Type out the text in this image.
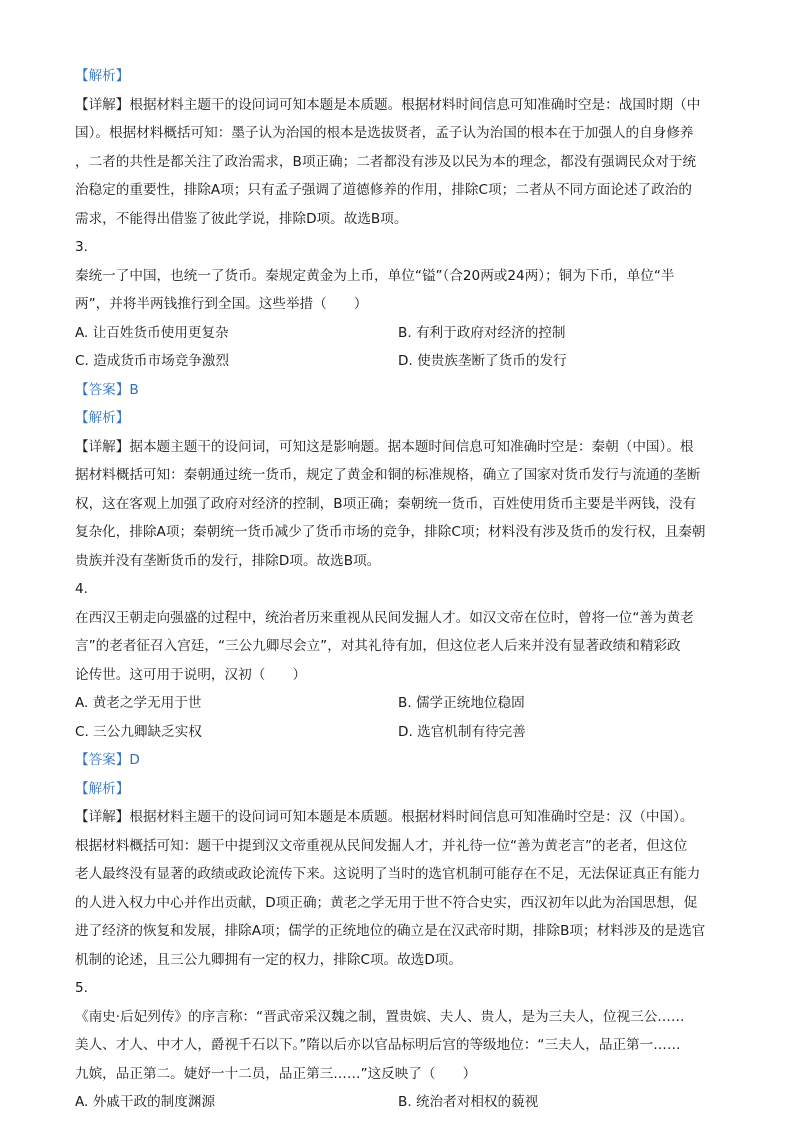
【解析】
【详解】根据材料主题干的设问词可知本题是本质题。根据材料时间信息可知准确时空是：战国时期（中
国）。根据材料概括可知：墨子认为治国的根本是选拔贤者，孟子认为治国的根本在于加强人的自身修养
，二者的共性是都关注了政治需求，B项正确；二者都没有涉及以民为本的理念，都没有强调民众对于统
治稳定的重要性，排除A项；只有孟子强调了道德修养的作用，排除C项；二者从不同方面论述了政治的
需求，不能得出借鉴了彼此学说，排除D项。故选B项。
3.
秦统一了中国，也统一了货币。秦规定黄金为上币，单位“镒”（合20两或24两）；铜为下币，单位“半
两”，并将半两钱推行到全国。这些举措（　　）
A. 让百姓货币使用更复杂	B. 有利于政府对经济的控制
C. 造成货币市场竞争激烈	D. 使贵族垄断了货币的发行
【答案】B
【解析】
【详解】据本题主题干的设问词，可知这是影响题。据本题时间信息可知准确时空是：秦朝（中国）。根
据材料概括可知：秦朝通过统一货币，规定了黄金和铜的标准规格，确立了国家对货币发行与流通的垄断
权，这在客观上加强了政府对经济的控制，B项正确；秦朝统一货币，百姓使用货币主要是半两钱，没有
复杂化，排除A项；秦朝统一货币减少了货币市场的竞争，排除C项；材料没有涉及货币的发行权，且秦朝
贵族并没有垄断货币的发行，排除D项。故选B项。
4.
在西汉王朝走向强盛的过程中，统治者历来重视从民间发掘人才。如汉文帝在位时，曾将一位“善为黄老
言”的老者征召入宫廷，“三公九卿尽会立”，对其礼待有加，但这位老人后来并没有显著政绩和精彩政
论传世。这可用于说明，汉初（　　）
A. 黄老之学无用于世	B. 儒学正统地位稳固
C. 三公九卿缺乏实权	D. 选官机制有待完善
【答案】D
【解析】
【详解】根据材料主题干的设问词可知本题是本质题。根据材料时间信息可知准确时空是：汉（中国）。
根据材料概括可知：题干中提到汉文帝重视从民间发掘人才，并礼待一位“善为黄老言”的老者，但这位
老人最终没有显著的政绩或政论流传下来。这说明了当时的选官机制可能存在不足，无法保证真正有能力
的人进入权力中心并作出贡献，D项正确；黄老之学无用于世不符合史实，西汉初年以此为治国思想，促
进了经济的恢复和发展，排除A项；儒学的正统地位的确立是在汉武帝时期，排除B项；材料涉及的是选官
机制的论述，且三公九卿拥有一定的权力，排除C项。故选D项。
5.
《南史·后妃列传》的序言称：“晋武帝采汉魏之制，置贵嫔、夫人、贵人，是为三夫人，位视三公……
美人、才人、中才人，爵视千石以下。”隋以后亦以官品标明后宫的等级地位：“三夫人，品正第一……
九嫔，品正第二。婕妤一十二员，品正第三……”这反映了（　　）
A. 外戚干政的制度渊源	B. 统治者对相权的藐视
